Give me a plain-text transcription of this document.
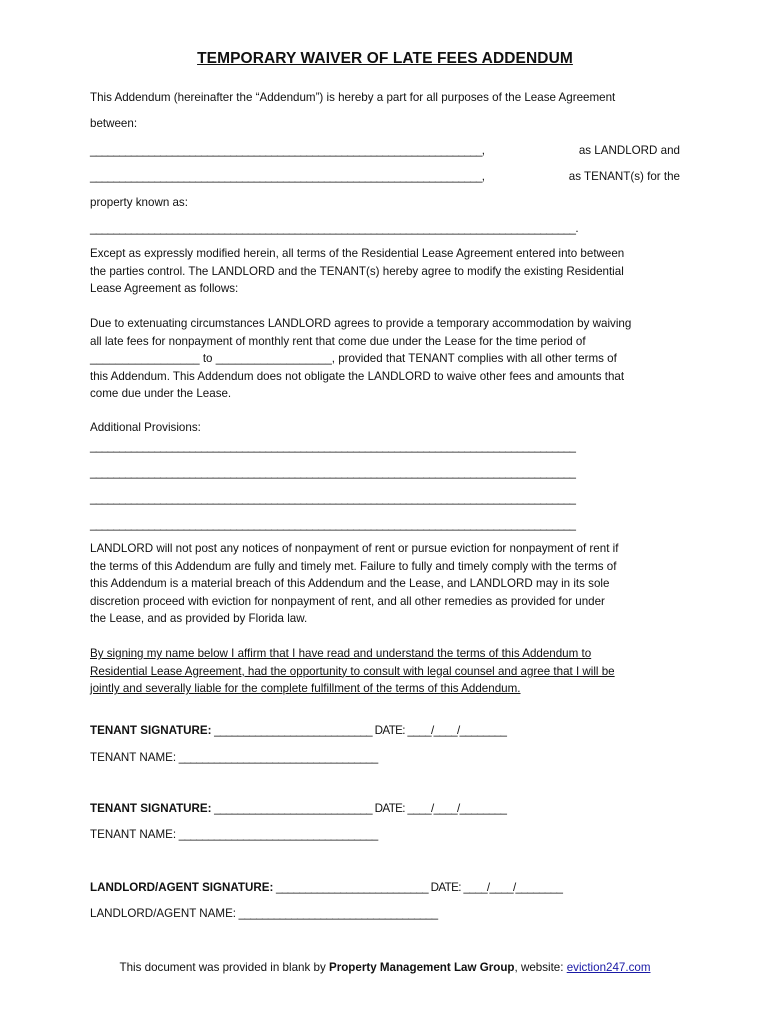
TEMPORARY WAIVER OF LATE FEES ADDENDUM
This Addendum (hereinafter the “Addendum”) is hereby a part for all purposes of the Lease Agreement
between:
___________________________________________________________________,	as LANDLORD and
___________________________________________________________________,	as TENANT(s) for the
property known as:
___________________________________________________________________________________.
Except as expressly modified herein, all terms of the Residential Lease Agreement entered into between
the parties control. The LANDLORD and the TENANT(s) hereby agree to modify the existing Residential
Lease Agreement as follows:
Due to extenuating circumstances LANDLORD agrees to provide a temporary accommodation by waiving
all late fees for nonpayment of monthly rent that come due under the Lease for the time period of
_________________ to __________________, provided that TENANT complies with all other terms of
this Addendum. This Addendum does not obligate the LANDLORD to waive other fees and amounts that
come due under the Lease.
Additional Provisions:
___________________________________________________________________________________
___________________________________________________________________________________
___________________________________________________________________________________
___________________________________________________________________________________
LANDLORD will not post any notices of nonpayment of rent or pursue eviction for nonpayment of rent if
the terms of this Addendum are fully and timely met. Failure to fully and timely comply with the terms of
this Addendum is a material breach of this Addendum and the Lease, and LANDLORD may in its sole
discretion proceed with eviction for nonpayment of rent, and all other remedies as provided for under
the Lease, and as provided by Florida law.
By signing my name below I affirm that I have read and understand the terms of this Addendum to
Residential Lease Agreement, had the opportunity to consult with legal counsel and agree that I will be
jointly and severally liable for the complete fulfillment of the terms of this Addendum.
TENANT SIGNATURE: ___________________________ DATE: ____/____/________
TENANT NAME: __________________________________
TENANT SIGNATURE: ___________________________ DATE: ____/____/________
TENANT NAME: __________________________________
LANDLORD/AGENT SIGNATURE: __________________________ DATE: ____/____/________
LANDLORD/AGENT NAME: __________________________________
This document was provided in blank by Property Management Law Group, website: eviction247.com
